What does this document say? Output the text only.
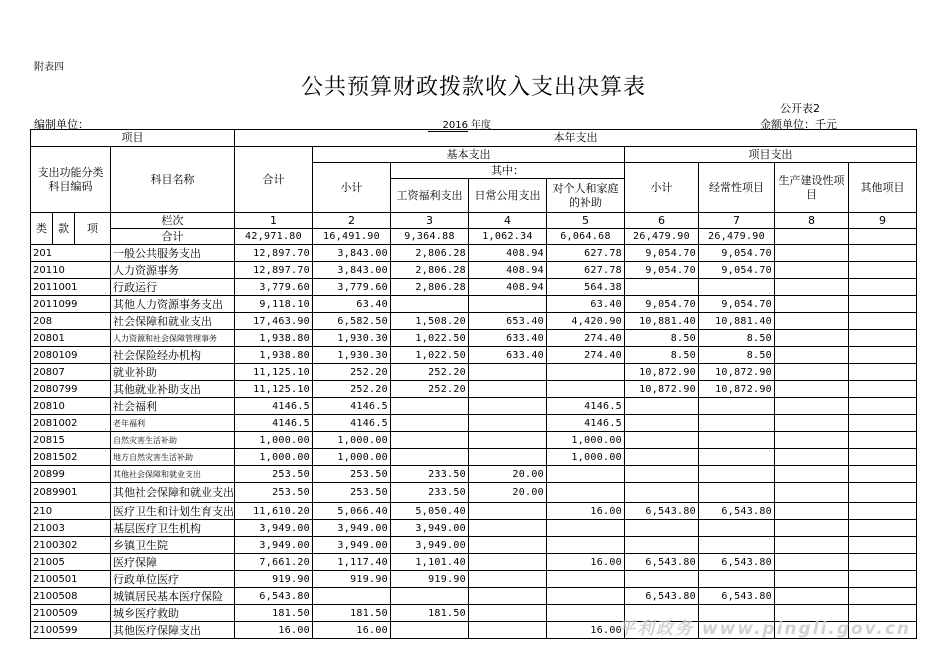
附表四
公共预算财政拨款收入支出决算表
公开表2
编制单位：	2016 年度	金额单位：千元
项目				本年支出								
支出功能分类科目编码			科目名称	合计	基本支出				项目支出			
					小计	其中：			小计	经常性项目	生产建设性项目	其他项目
						工资福利支出	日常公用支出	对个人和家庭的补助				
类	款	项	栏次	1	2	3	4	5	6	7	8	9
			合计	42,971.80	16,491.90	9,364.88	1,062.34	6,064.68	26,479.90	26,479.90		
201			一般公共服务支出	12,897.70	3,843.00	2,806.28	408.94	627.78	9,054.70	9,054.70		
20110			人力资源事务	12,897.70	3,843.00	2,806.28	408.94	627.78	9,054.70	9,054.70		
2011001			行政运行	3,779.60	3,779.60	2,806.28	408.94	564.38				
2011099			其他人力资源事务支出	9,118.10	63.40			63.40	9,054.70	9,054.70		
208			社会保障和就业支出	17,463.90	6,582.50	1,508.20	653.40	4,420.90	10,881.40	10,881.40		
20801			人力资源和社会保障管理事务	1,938.80	1,930.30	1,022.50	633.40	274.40	8.50	8.50		
2080109			社会保险经办机构	1,938.80	1,930.30	1,022.50	633.40	274.40	8.50	8.50		
20807			就业补助	11,125.10	252.20	252.20			10,872.90	10,872.90		
2080799			其他就业补助支出	11,125.10	252.20	252.20			10,872.90	10,872.90		
20810			社会福利	4146.5	4146.5			4146.5				
2081002			老年福利	4146.5	4146.5			4146.5				
20815			自然灾害生活补助	1,000.00	1,000.00			1,000.00				
2081502			地方自然灾害生活补助	1,000.00	1,000.00			1,000.00				
20899			其他社会保障和就业支出	253.50	253.50	233.50	20.00					
2089901			其他社会保障和就业支出	253.50	253.50	233.50	20.00					
210			医疗卫生和计划生育支出	11,610.20	5,066.40	5,050.40		16.00	6,543.80	6,543.80		
21003			基层医疗卫生机构	3,949.00	3,949.00	3,949.00						
2100302			乡镇卫生院	3,949.00	3,949.00	3,949.00						
21005			医疗保障	7,661.20	1,117.40	1,101.40		16.00	6,543.80	6,543.80		
2100501			行政单位医疗	919.90	919.90	919.90						
2100508			城镇居民基本医疗保险	6,543.80					6,543.80	6,543.80		
2100509			城乡医疗救助	181.50	181.50	181.50						
2100599			其他医疗保障支出	16.00	16.00			16.00				
平利政务 www.pingli.gov.cn
